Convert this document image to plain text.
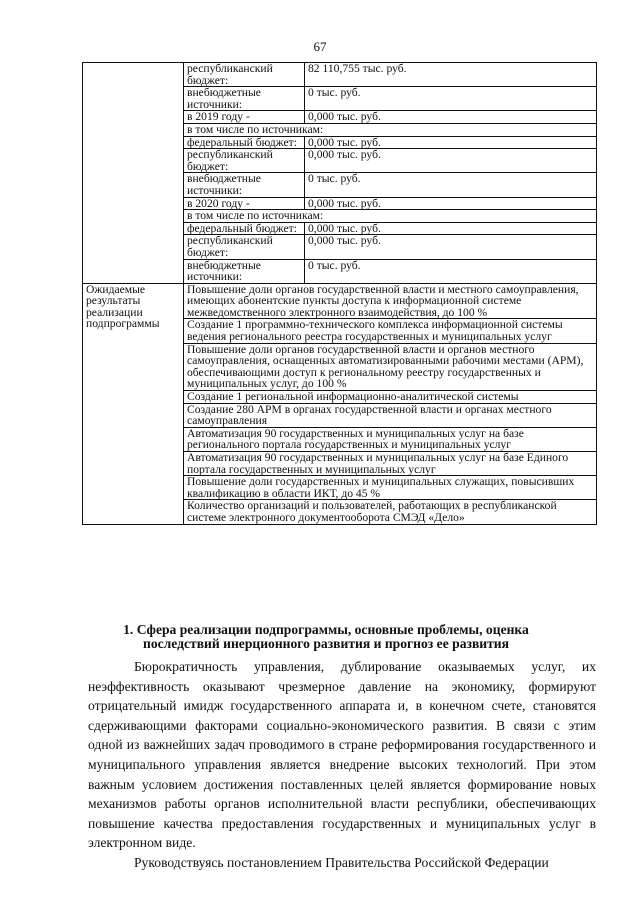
67
	республиканский бюджет:	82 110,755 тыс. руб.
	внебюджетные источники:	0 тыс. руб.
	в 2019 году -	0,000 тыс. руб.
	в том числе по источникам:	
	федеральный бюджет:	0,000 тыс. руб.
	республиканский бюджет:	0,000 тыс. руб.
	внебюджетные источники:	0 тыс. руб.
	в 2020 году -	0,000 тыс. руб.
	в том числе по источникам:	
	федеральный бюджет:	0,000 тыс. руб.
	республиканский бюджет:	0,000 тыс. руб.
	внебюджетные источники:	0 тыс. руб.
Ожидаемые результаты реализации подпрограммы	Повышение доли органов государственной власти и местного самоуправления, имеющих абонентские пункты доступа к информационной системе межведомственного электронного взаимодействия, до 100 %	
	Создание 1 программно-технического комплекса информационной системы ведения регионального реестра государственных и муниципальных услуг	
	Повышение доли органов государственной власти и органов местного самоуправления, оснащенных автоматизированными рабочими местами (АРМ), обеспечивающими доступ к региональному реестру государственных и муниципальных услуг, до 100 %	
	Создание 1 региональной информационно-аналитической системы	
	Создание 280 АРМ в органах государственной власти и органах местного самоуправления	
	Автоматизация 90 государственных и муниципальных услуг на базе регионального портала государственных и муниципальных услуг	
	Автоматизация 90 государственных и муниципальных услуг на базе Единого портала государственных и муниципальных услуг	
	Повышение доли государственных и муниципальных служащих, повысивших квалификацию в области ИКТ, до 45 %	
	Количество организаций и пользователей, работающих в республиканской системе электронного документооборота СМЭД «Дело»	
1. Сфера реализации подпрограммы, основные проблемы, оценка
последствий инерционного развития и прогноз ее развития

Бюрократичность управления, дублирование оказываемых услуг, их неэффективность оказывают чрезмерное давление на экономику, формируют отрицательный имидж государственного аппарата и, в конечном счете, становятся сдерживающими факторами социально-экономического развития. В связи с этим одной из важнейших задач проводимого в стране реформирования государственного и муниципального управления является внедрение высоких технологий. При этом важным условием достижения поставленных целей является формирование новых механизмов работы органов исполнительной власти республики, обеспечивающих повышение качества предоставления государственных и муниципальных услуг в электронном виде.

Руководствуясь постановлением Правительства Российской Федерации
